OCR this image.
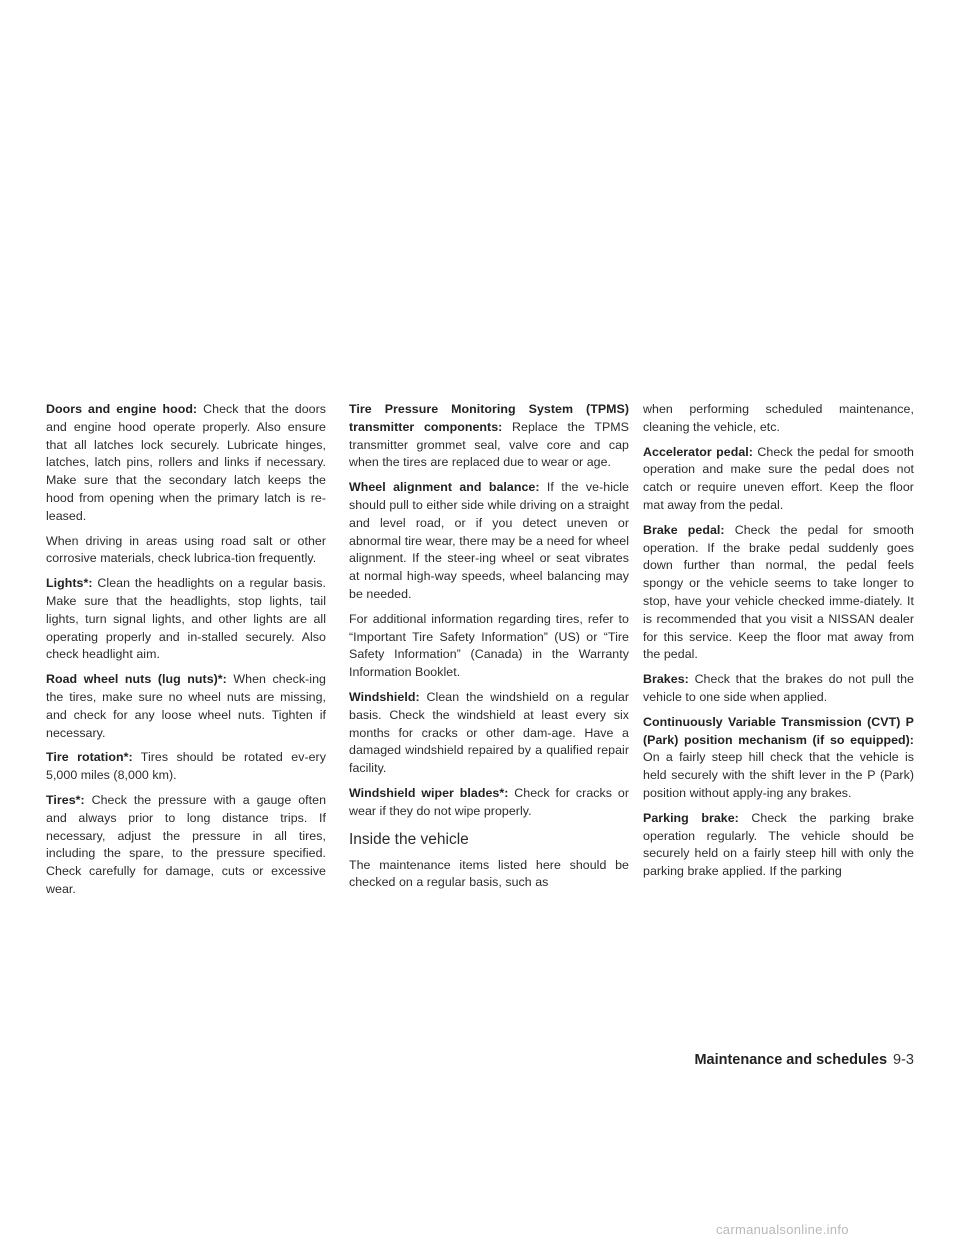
Doors and engine hood: Check that the doors and engine hood operate properly. Also ensure that all latches lock securely. Lubricate hinges, latches, latch pins, rollers and links if necessary. Make sure that the secondary latch keeps the hood from opening when the primary latch is re-leased.

When driving in areas using road salt or other corrosive materials, check lubrica-tion frequently.

Lights*: Clean the headlights on a regular basis. Make sure that the headlights, stop lights, tail lights, turn signal lights, and other lights are all operating properly and in-stalled securely. Also check headlight aim.

Road wheel nuts (lug nuts)*: When check-ing the tires, make sure no wheel nuts are missing, and check for any loose wheel nuts. Tighten if necessary.

Tire rotation*: Tires should be rotated ev-ery 5,000 miles (8,000 km).

Tires*: Check the pressure with a gauge often and always prior to long distance trips. If necessary, adjust the pressure in all tires, including the spare, to the pressure specified. Check carefully for damage, cuts or excessive wear.

Tire Pressure Monitoring System (TPMS) transmitter components: Replace the TPMS transmitter grommet seal, valve core and cap when the tires are replaced due to wear or age.

Wheel alignment and balance: If the ve-hicle should pull to either side while driving on a straight and level road, or if you detect uneven or abnormal tire wear, there may be a need for wheel alignment. If the steer-ing wheel or seat vibrates at normal high-way speeds, wheel balancing may be needed.

For additional information regarding tires, refer to “Important Tire Safety Information” (US) or “Tire Safety Information” (Canada) in the Warranty Information Booklet.

Windshield: Clean the windshield on a regular basis. Check the windshield at least every six months for cracks or other dam-age. Have a damaged windshield repaired by a qualified repair facility.

Windshield wiper blades*: Check for cracks or wear if they do not wipe properly.

Inside the vehicle

The maintenance items listed here should be checked on a regular basis, such as

when performing scheduled maintenance, cleaning the vehicle, etc.

Accelerator pedal: Check the pedal for smooth operation and make sure the pedal does not catch or require uneven effort. Keep the floor mat away from the pedal.

Brake pedal: Check the pedal for smooth operation. If the brake pedal suddenly goes down further than normal, the pedal feels spongy or the vehicle seems to take longer to stop, have your vehicle checked imme-diately. It is recommended that you visit a NISSAN dealer for this service. Keep the floor mat away from the pedal.

Brakes: Check that the brakes do not pull the vehicle to one side when applied.

Continuously Variable Transmission (CVT) P (Park) position mechanism (if so equipped): On a fairly steep hill check that the vehicle is held securely with the shift lever in the P (Park) position without apply-ing any brakes.

Parking brake: Check the parking brake operation regularly. The vehicle should be securely held on a fairly steep hill with only the parking brake applied. If the parking

Maintenance and schedules 9-3
carmanualsonline.info
